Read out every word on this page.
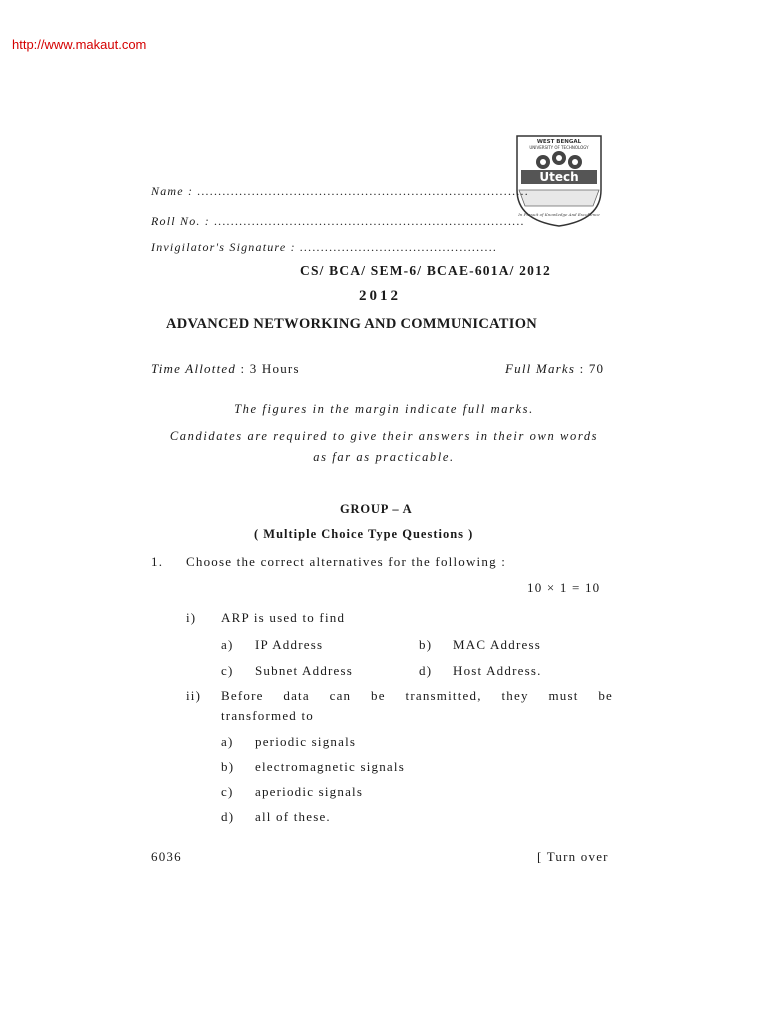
http://www.makaut.com
WEST BENGAL
UNIVERSITY OF TECHNOLOGY
Utech
In Pursuit of Knowledge And Excellence
Name : ...............................................................................
Roll No. : ..........................................................................
Invigilator's Signature : ...............................................
CS/ BCA/ SEM-6/ BCAE-601A/ 2012
2012
ADVANCED NETWORKING AND COMMUNICATION
Time Allotted : 3 Hours	Full Marks : 70
The figures in the margin indicate full marks.
Candidates are required to give their answers in their own words
as far as practicable.
GROUP – A
( Multiple Choice Type Questions )
1. Choose the correct alternatives for the following :
10 × 1 = 10
i) ARP is used to find
a) IP Address	b) MAC Address
c) Subnet Address	d) Host Address.
ii) Before data can be transmitted, they must be
transformed to
a) periodic signals
b) electromagnetic signals
c) aperiodic signals
d) all of these.
6036	[ Turn over
